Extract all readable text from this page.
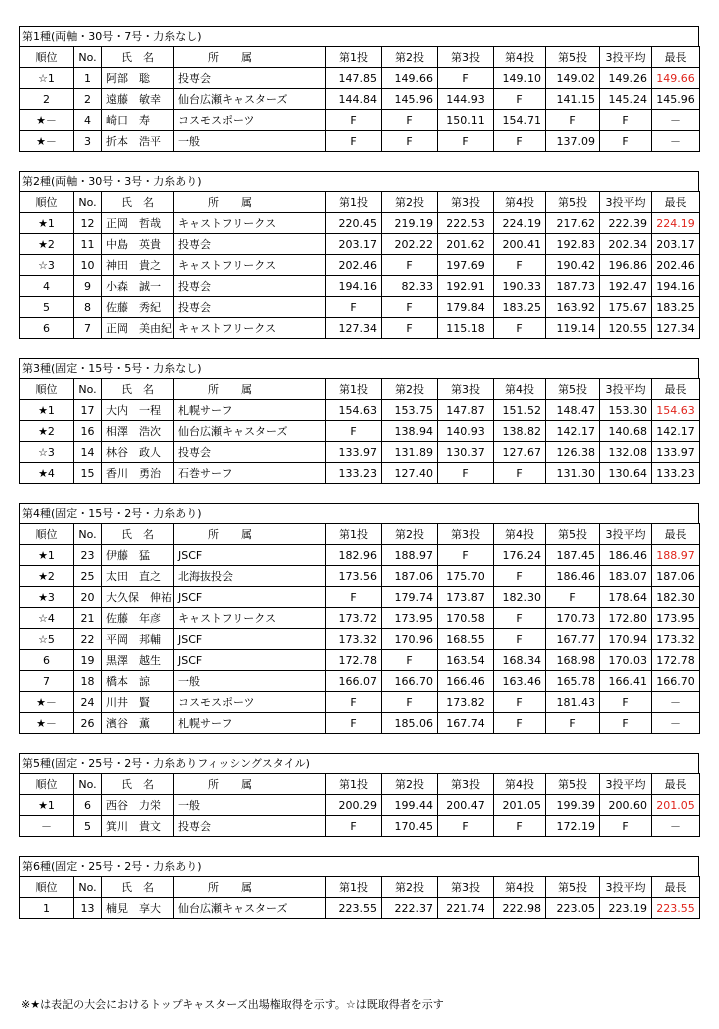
第1種(両軸・30号・7号・力糸なし)
順位	No.	氏　名	所　　属	第1投	第2投	第3投	第4投	第5投	3投平均	最長
☆1	1	阿部　聡	投専会	147.85	149.66	F	149.10	149.02	149.26	149.66
2	2	遠藤　敏幸	仙台広瀬キャスターズ	144.84	145.96	144.93	F	141.15	145.24	145.96
★－	4	崎口　寿	コスモスポーツ	F	F	150.11	154.71	F	F	－
★－	3	折本　浩平	一般	F	F	F	F	137.09	F	－
第2種(両軸・30号・3号・力糸あり)
順位	No.	氏　名	所　　属	第1投	第2投	第3投	第4投	第5投	3投平均	最長
★1	12	正岡　哲哉	キャストフリークス	220.45	219.19	222.53	224.19	217.62	222.39	224.19
★2	11	中島　英貴	投専会	203.17	202.22	201.62	200.41	192.83	202.34	203.17
☆3	10	神田　貴之	キャストフリークス	202.46	F	197.69	F	190.42	196.86	202.46
4	9	小森　誠一	投専会	194.16	82.33	192.91	190.33	187.73	192.47	194.16
5	8	佐藤　秀紀	投専会	F	F	179.84	183.25	163.92	175.67	183.25
6	7	正岡　美由紀	キャストフリークス	127.34	F	115.18	F	119.14	120.55	127.34
第3種(固定・15号・5号・力糸なし)
順位	No.	氏　名	所　　属	第1投	第2投	第3投	第4投	第5投	3投平均	最長
★1	17	大内　一程	札幌サーフ	154.63	153.75	147.87	151.52	148.47	153.30	154.63
★2	16	相澤　浩次	仙台広瀬キャスターズ	F	138.94	140.93	138.82	142.17	140.68	142.17
☆3	14	林谷　政人	投専会	133.97	131.89	130.37	127.67	126.38	132.08	133.97
★4	15	香川　勇治	石巻サーフ	133.23	127.40	F	F	131.30	130.64	133.23
第4種(固定・15号・2号・力糸あり)
順位	No.	氏　名	所　　属	第1投	第2投	第3投	第4投	第5投	3投平均	最長
★1	23	伊藤　猛	JSCF	182.96	188.97	F	176.24	187.45	186.46	188.97
★2	25	太田　直之	北海抜投会	173.56	187.06	175.70	F	186.46	183.07	187.06
★3	20	大久保　伸祐	JSCF	F	179.74	173.87	182.30	F	178.64	182.30
☆4	21	佐藤　年彦	キャストフリークス	173.72	173.95	170.58	F	170.73	172.80	173.95
☆5	22	平岡　邦輔	JSCF	173.32	170.96	168.55	F	167.77	170.94	173.32
6	19	黒澤　越生	JSCF	172.78	F	163.54	168.34	168.98	170.03	172.78
7	18	橋本　諒	一般	166.07	166.70	166.46	163.46	165.78	166.41	166.70
★－	24	川井　賢	コスモスポーツ	F	F	173.82	F	181.43	F	－
★－	26	濱谷　薫	札幌サーフ	F	185.06	167.74	F	F	F	－
第5種(固定・25号・2号・力糸ありフィッシングスタイル)
順位	No.	氏　名	所　　属	第1投	第2投	第3投	第4投	第5投	3投平均	最長
★1	6	西谷　力栄	一般	200.29	199.44	200.47	201.05	199.39	200.60	201.05
－	5	箕川　貴文	投専会	F	170.45	F	F	172.19	F	－
第6種(固定・25号・2号・力糸あり)
順位	No.	氏　名	所　　属	第1投	第2投	第3投	第4投	第5投	3投平均	最長
1	13	楠見　享大	仙台広瀬キャスターズ	223.55	222.37	221.74	222.98	223.05	223.19	223.55
※★は表記の大会におけるトップキャスターズ出場権取得を示す。☆は既取得者を示す
